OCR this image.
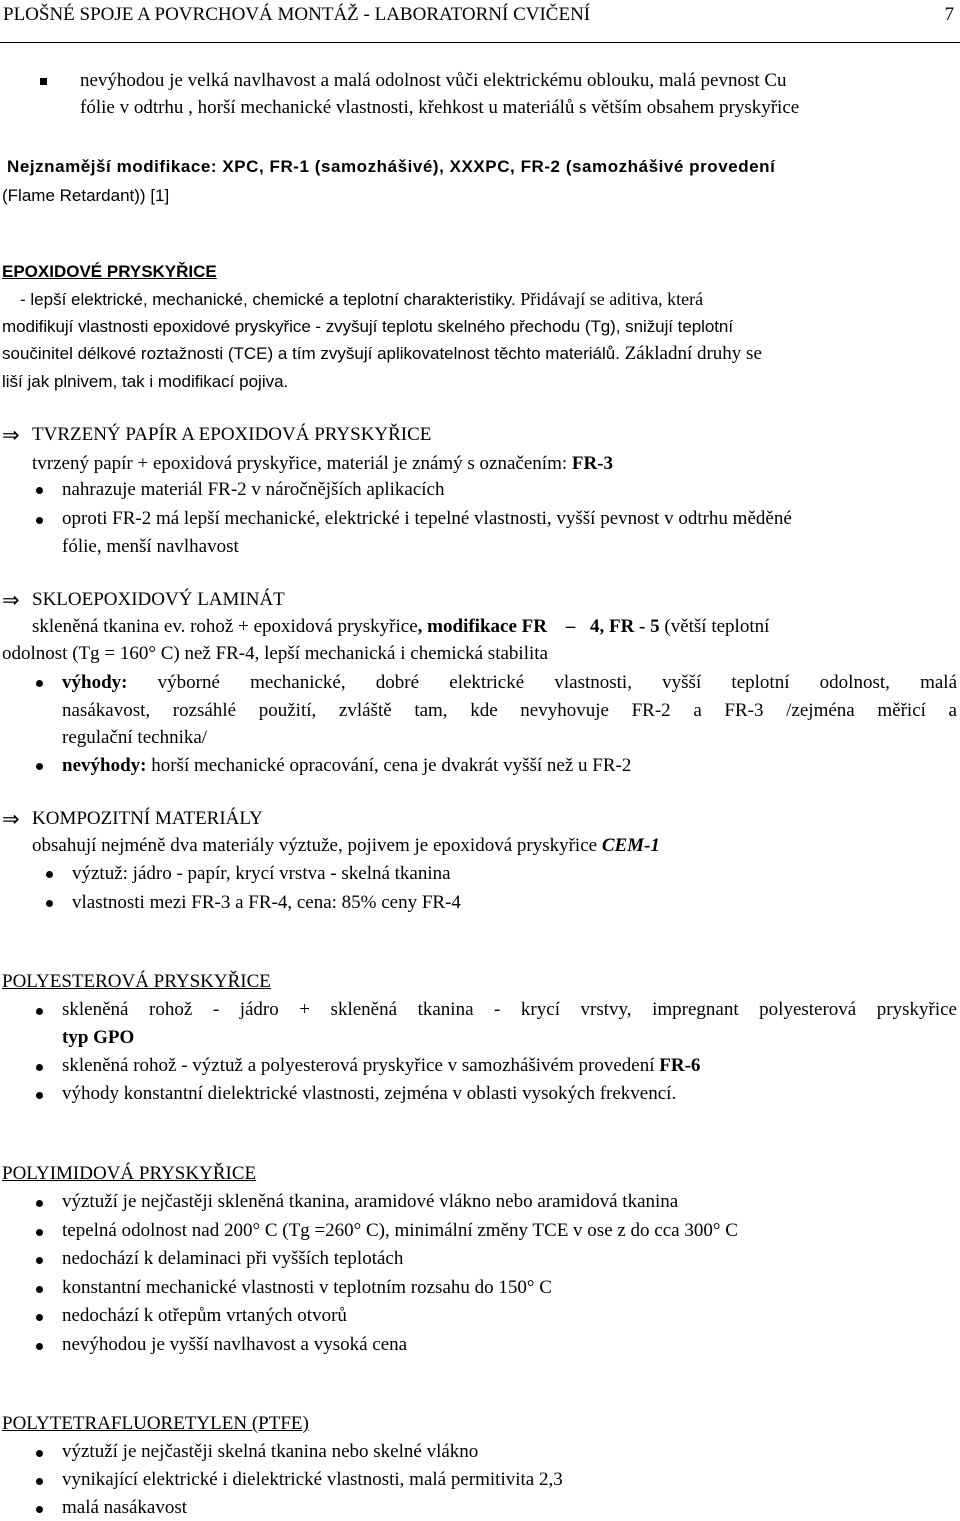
PLOŠNÉ SPOJE A POVRCHOVÁ MONTÁŽ - LABORATORNÍ CVIČENÍ	7
nevýhodou je velká navlhavost a malá odolnost vůči elektrickému oblouku, malá pevnost Cu
fólie v odtrhu , horší mechanické vlastnosti, křehkost u materiálů s větším obsahem pryskyřice
Nejznamější modifikace: XPC, FR-1 (samozhášivé), XXXPC, FR-2 (samozhášivé provedení
(Flame Retardant)) [1]
EPOXIDOVÉ PRYSKYŘICE
- lepší elektrické, mechanické, chemické a teplotní charakteristiky. Přidávají se aditiva, která
modifikují vlastnosti epoxidové pryskyřice - zvyšují teplotu skelného přechodu (Tg), snižují teplotní
součinitel délkové roztažnosti (TCE) a tím zvyšují aplikovatelnost těchto materiálů. Základní druhy se
liší jak plnivem, tak i modifikací pojiva.
⇒ TVRZENÝ PAPÍR A EPOXIDOVÁ PRYSKYŘICE
tvrzený papír + epoxidová pryskyřice, materiál je známý s označením: FR-3
nahrazuje materiál FR-2 v náročnějších aplikacích
oproti FR-2 má lepší mechanické, elektrické i tepelné vlastnosti, vyšší pevnost v odtrhu měděné
fólie, menší navlhavost
⇒ SKLOEPOXIDOVÝ LAMINÁT
skleněná tkanina ev. rohož + epoxidová pryskyřice, modifikace FR – 4, FR - 5 (větší teplotní
odolnost (Tg = 160° C) než FR-4, lepší mechanická i chemická stabilita
výhody: výborné mechanické, dobré elektrické vlastnosti, vyšší teplotní odolnost, malá
nasákavost, rozsáhlé použití, zvláště tam, kde nevyhovuje FR-2 a FR-3 /zejména měřicí a
regulační technika/
nevýhody: horší mechanické opracování, cena je dvakrát vyšší než u FR-2
⇒ KOMPOZITNÍ MATERIÁLY
obsahují nejméně dva materiály výztuže, pojivem je epoxidová pryskyřice CEM-1
výztuž: jádro - papír, krycí vrstva - skelná tkanina
vlastnosti mezi FR-3 a FR-4, cena: 85% ceny FR-4
POLYESTEROVÁ PRYSKYŘICE
skleněná rohož - jádro + skleněná tkanina - krycí vrstvy, impregnant polyesterová pryskyřice
typ GPO
skleněná rohož - výztuž a polyesterová pryskyřice v samozhášivém provedení FR-6
výhody konstantní dielektrické vlastnosti, zejména v oblasti vysokých frekvencí.
POLYIMIDOVÁ PRYSKYŘICE
výztuží je nejčastěji skleněná tkanina, aramidové vlákno nebo aramidová tkanina
tepelná odolnost nad 200° C (Tg =260° C), minimální změny TCE v ose z do cca 300° C
nedochází k delaminaci při vyšších teplotách
konstantní mechanické vlastnosti v teplotním rozsahu do 150° C
nedochází k otřepům vrtaných otvorů
nevýhodou je vyšší navlhavost a vysoká cena
POLYTETRAFLUORETYLEN (PTFE)
výztuží je nejčastěji skelná tkanina nebo skelné vlákno
vynikající elektrické i dielektrické vlastnosti, malá permitivita 2,3
malá nasákavost
